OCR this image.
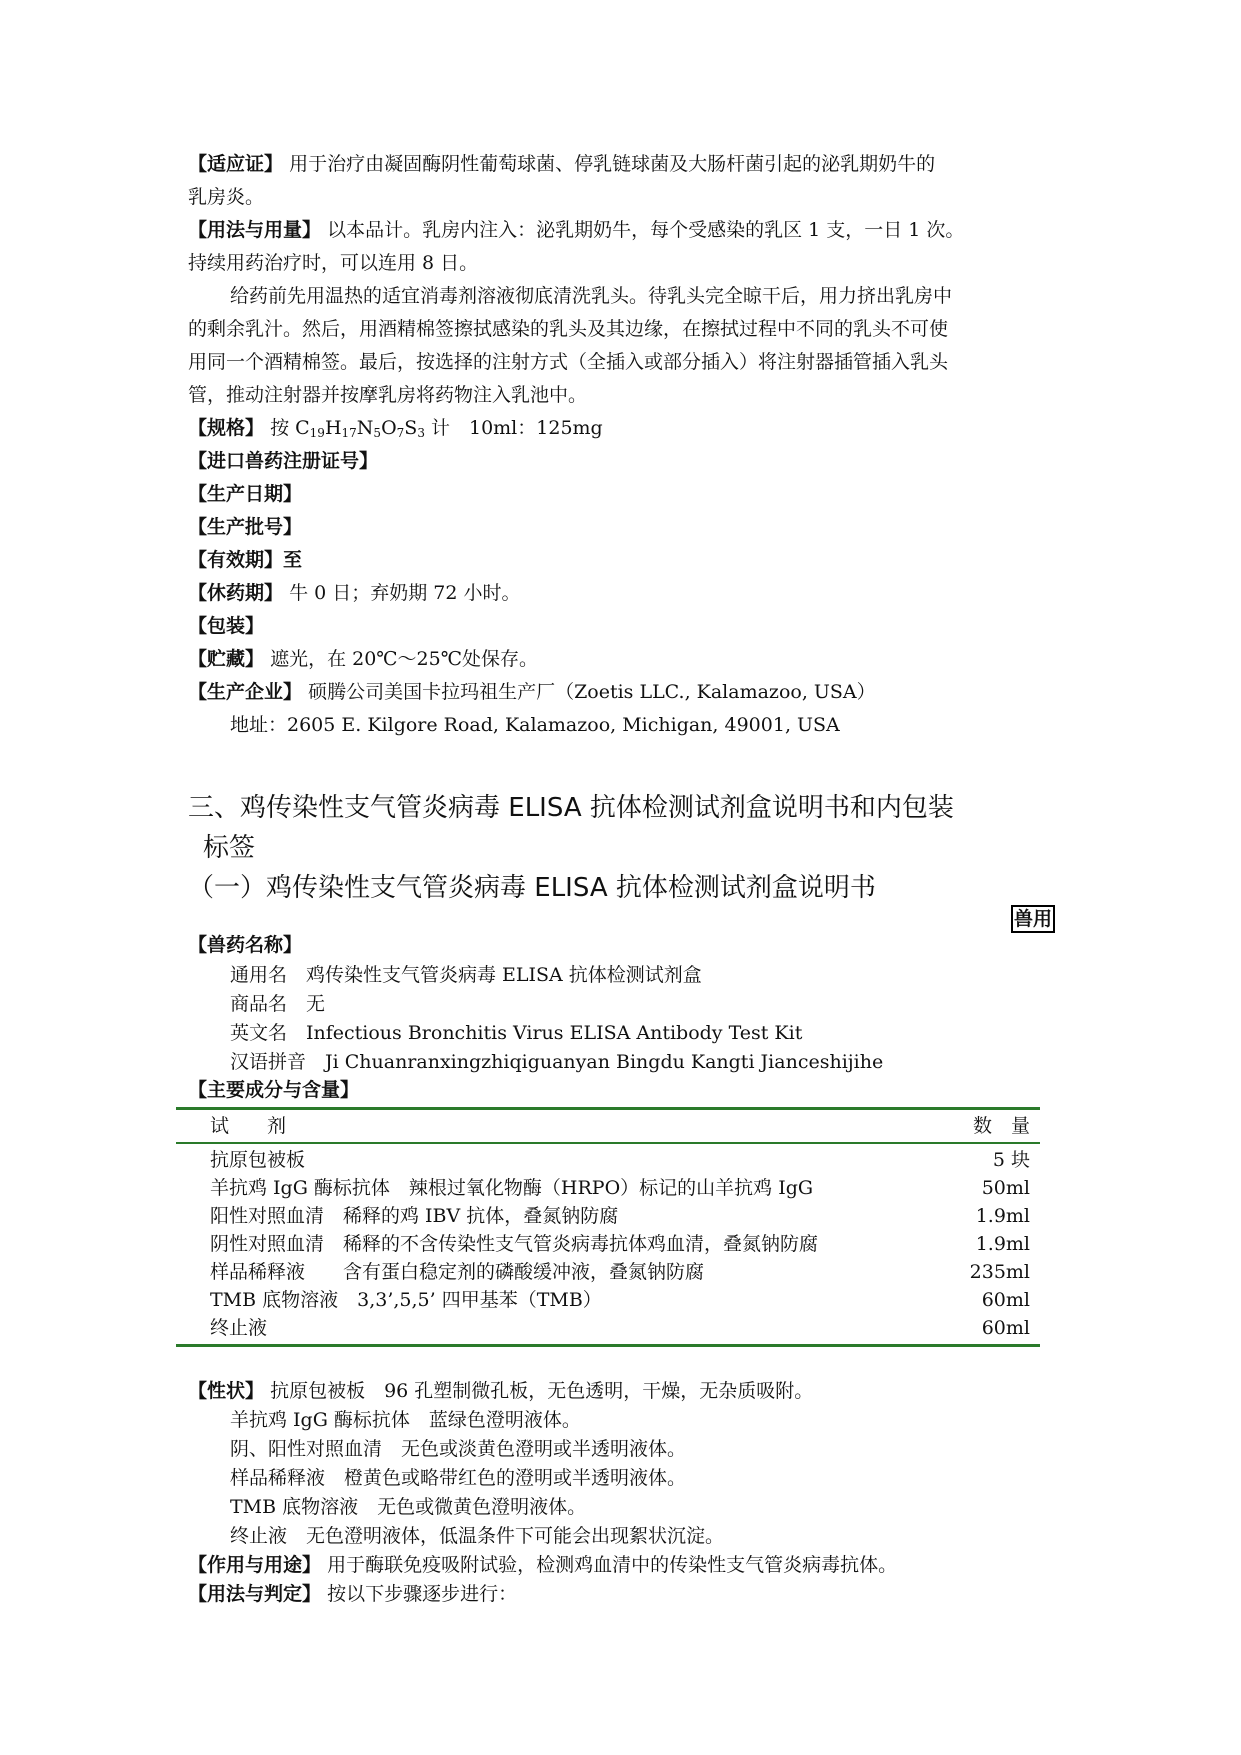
【适应证】 用于治疗由凝固酶阴性葡萄球菌、停乳链球菌及大肠杆菌引起的泌乳期奶牛的
乳房炎。
【用法与用量】 以本品计。乳房内注入：泌乳期奶牛，每个受感染的乳区 1 支，一日 1 次。
持续用药治疗时，可以连用 8 日。
给药前先用温热的适宜消毒剂溶液彻底清洗乳头。待乳头完全晾干后，用力挤出乳房中
的剩余乳汁。然后，用酒精棉签擦拭感染的乳头及其边缘，在擦拭过程中不同的乳头不可使
用同一个酒精棉签。最后，按选择的注射方式（全插入或部分插入）将注射器插管插入乳头
管，推动注射器并按摩乳房将药物注入乳池中。
【规格】 按 $C_{19}H_{17}N_5O_7S_3$ 计　10ml：125mg
【进口兽药注册证号】
【生产日期】
【生产批号】
【有效期】至
【休药期】 牛 0 日；弃奶期 72 小时。
【包装】
【贮藏】 遮光，在 20℃～25℃处保存。
【生产企业】 硕腾公司美国卡拉玛祖生产厂（Zoetis LLC., Kalamazoo, USA）
地址：2605 E. Kilgore Road, Kalamazoo, Michigan, 49001, USA
三、鸡传染性支气管炎病毒 ELISA 抗体检测试剂盒说明书和内包装
标签
（一）鸡传染性支气管炎病毒 ELISA 抗体检测试剂盒说明书
兽用
【兽药名称】
通用名　鸡传染性支气管炎病毒 ELISA 抗体检测试剂盒
商品名　无
英文名　Infectious Bronchitis Virus ELISA Antibody Test Kit
汉语拼音　Ji Chuanranxingzhiqiguanyan Bingdu Kangti Jianceshijihe
【主要成分与含量】
试　　剂	数　量
抗原包被板	5 块
羊抗鸡 IgG 酶标抗体　辣根过氧化物酶（HRPO）标记的山羊抗鸡 IgG	50ml
阳性对照血清　稀释的鸡 IBV 抗体，叠氮钠防腐	1.9ml
阴性对照血清　稀释的不含传染性支气管炎病毒抗体鸡血清，叠氮钠防腐	1.9ml
样品稀释液　　含有蛋白稳定剂的磷酸缓冲液，叠氮钠防腐	235ml
TMB 底物溶液　3,3’,5,5’ 四甲基苯（TMB）	60ml
终止液	60ml
【性状】 抗原包被板　96 孔塑制微孔板，无色透明，干燥，无杂质吸附。
羊抗鸡 IgG 酶标抗体　蓝绿色澄明液体。
阴、阳性对照血清　无色或淡黄色澄明或半透明液体。
样品稀释液　橙黄色或略带红色的澄明或半透明液体。
TMB 底物溶液　无色或微黄色澄明液体。
终止液　无色澄明液体，低温条件下可能会出现絮状沉淀。
【作用与用途】 用于酶联免疫吸附试验，检测鸡血清中的传染性支气管炎病毒抗体。
【用法与判定】 按以下步骤逐步进行：
